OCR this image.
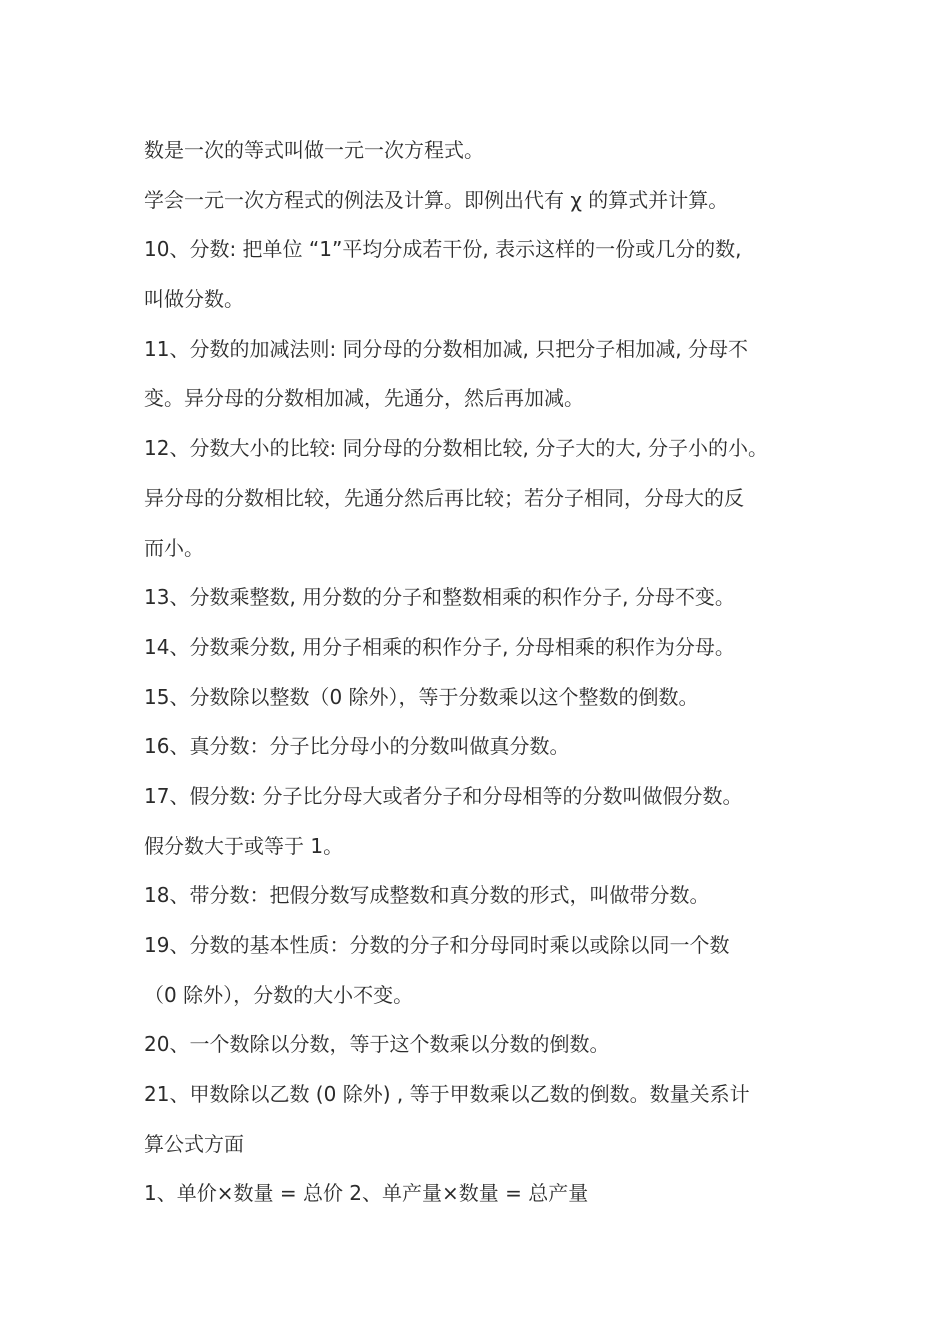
数是一次的等式叫做一元一次方程式。
学会一元一次方程式的例法及计算。即例出代有 χ 的算式并计算。
10、分数: 把单位 “1”平均分成若干份, 表示这样的一份或几分的数,
叫做分数。
11、分数的加减法则: 同分母的分数相加减, 只把分子相加减, 分母不
变。异分母的分数相加减，先通分，然后再加减。
12、分数大小的比较: 同分母的分数相比较, 分子大的大, 分子小的小。
异分母的分数相比较，先通分然后再比较；若分子相同，分母大的反
而小。
13、分数乘整数, 用分数的分子和整数相乘的积作分子, 分母不变。
14、分数乘分数, 用分子相乘的积作分子, 分母相乘的积作为分母。
15、分数除以整数（0 除外），等于分数乘以这个整数的倒数。
16、真分数：分子比分母小的分数叫做真分数。
17、假分数: 分子比分母大或者分子和分母相等的分数叫做假分数。
假分数大于或等于 1。
18、带分数：把假分数写成整数和真分数的形式，叫做带分数。
19、分数的基本性质：分数的分子和分母同时乘以或除以同一个数
（0 除外），分数的大小不变。
20、一个数除以分数，等于这个数乘以分数的倒数。
21、甲数除以乙数 (0 除外) , 等于甲数乘以乙数的倒数。数量关系计
算公式方面
1、单价×数量 = 总价 2、单产量×数量 = 总产量
